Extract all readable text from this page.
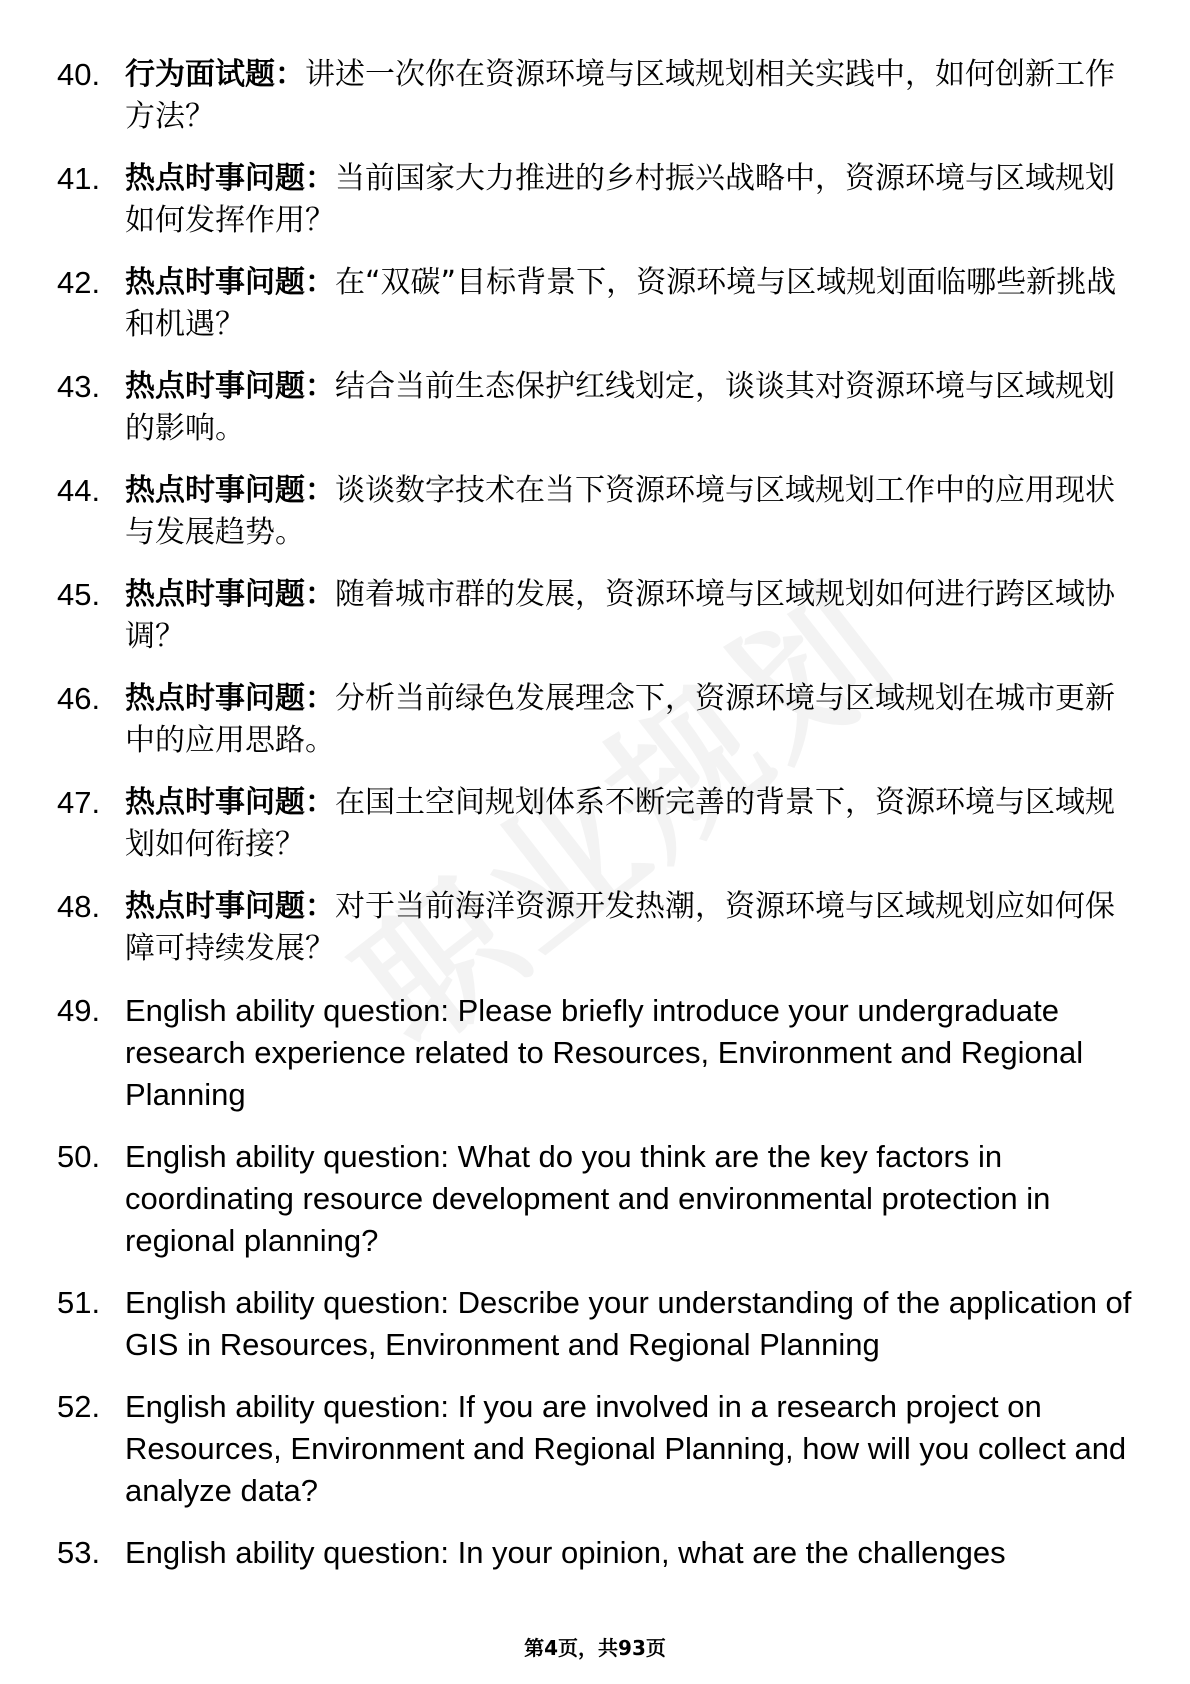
40. 行为面试题：讲述一次你在资源环境与区域规划相关实践中，如何创新工作方法？
41. 热点时事问题：当前国家大力推进的乡村振兴战略中，资源环境与区域规划如何发挥作用？
42. 热点时事问题：在“双碳”目标背景下，资源环境与区域规划面临哪些新挑战和机遇？
43. 热点时事问题：结合当前生态保护红线划定，谈谈其对资源环境与区域规划的影响。
44. 热点时事问题：谈谈数字技术在当下资源环境与区域规划工作中的应用现状与发展趋势。
45. 热点时事问题：随着城市群的发展，资源环境与区域规划如何进行跨区域协调？
46. 热点时事问题：分析当前绿色发展理念下，资源环境与区域规划在城市更新中的应用思路。
47. 热点时事问题：在国土空间规划体系不断完善的背景下，资源环境与区域规划如何衔接？
48. 热点时事问题：对于当前海洋资源开发热潮，资源环境与区域规划应如何保障可持续发展？
49. English ability question: Please briefly introduce your undergraduate research experience related to Resources, Environment and Regional Planning
50. English ability question: What do you think are the key factors in coordinating resource development and environmental protection in regional planning?
51. English ability question: Describe your understanding of the application of GIS in Resources, Environment and Regional Planning
52. English ability question: If you are involved in a research project on Resources, Environment and Regional Planning, how will you collect and analyze data?
53. English ability question: In your opinion, what are the challenges
第4页，共93页
